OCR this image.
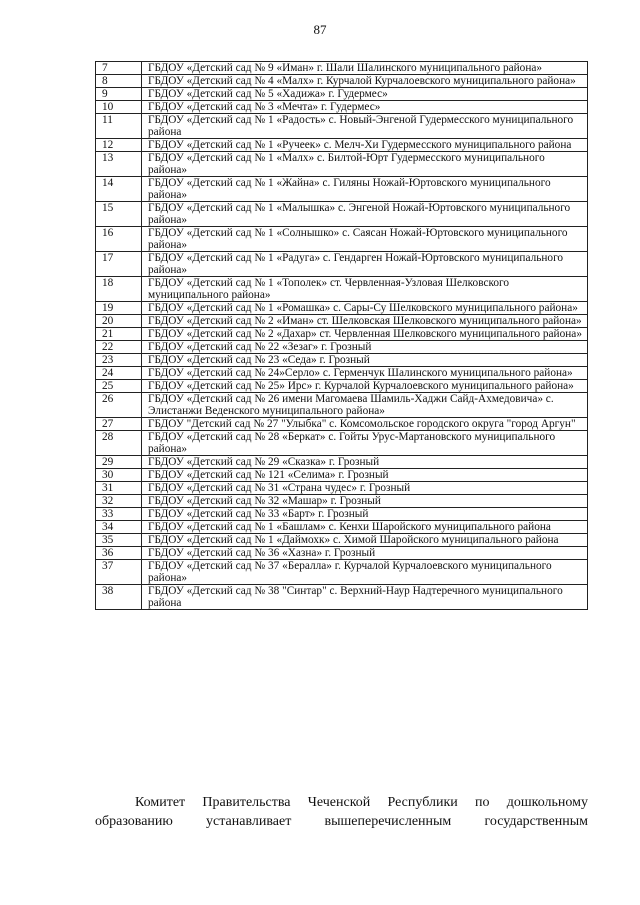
87
7	ГБДОУ «Детский сад № 9 «Иман» г. Шали Шалинского муниципального района»
8	ГБДОУ «Детский сад № 4 «Малх» г. Курчалой Курчалоевского муниципального района»
9	ГБДОУ «Детский сад № 5 «Хадижа» г. Гудермес»
10	ГБДОУ «Детский сад № 3 «Мечта» г. Гудермес»
11	ГБДОУ «Детский сад № 1 «Радость» с. Новый-Энгеной Гудермесского муниципального района
12	ГБДОУ «Детский сад № 1 «Ручеек» с. Мелч-Хи Гудермесского муниципального района
13	ГБДОУ «Детский сад № 1 «Малх» с. Билтой-Юрт Гудермесского муниципального района»
14	ГБДОУ «Детский сад № 1 «Жайна» с. Гиляны Ножай-Юртовского муниципального района»
15	ГБДОУ «Детский сад № 1 «Малышка» с. Энгеной Ножай-Юртовского муниципального района»
16	ГБДОУ «Детский сад № 1 «Солнышко» с. Саясан Ножай-Юртовского муниципального района»
17	ГБДОУ «Детский сад № 1 «Радуга» с. Гендарген Ножай-Юртовского муниципального района»
18	ГБДОУ «Детский сад № 1 «Тополек» ст. Червленная-Узловая Шелковского муниципального района»
19	ГБДОУ «Детский сад № 1 «Ромашка» с. Сары-Су Шелковского муниципального района»
20	ГБДОУ «Детский сад № 2 «Иман» ст. Шелковская Шелковского муниципального района»
21	ГБДОУ «Детский сад № 2 «Дахар» ст. Червленная Шелковского муниципального района»
22	ГБДОУ «Детский сад № 22 «Зезаг» г. Грозный
23	ГБДОУ «Детский сад № 23 «Седа» г. Грозный
24	ГБДОУ «Детский сад № 24»Серло» с. Герменчук Шалинского муниципального района»
25	ГБДОУ «Детский сад № 25» Ирс» г. Курчалой Курчалоевского муниципального района»
26	ГБДОУ «Детский сад № 26 имени Магомаева Шамиль-Хаджи Сайд-Ахмедовича» с. Элистанжи Веденского муниципального района»
27	ГБДОУ "Детский сад № 27 "Улыбка" с. Комсомольское городского округа "город Аргун"
28	ГБДОУ «Детский сад № 28 «Беркат» с. Гойты Урус-Мартановского муниципального района»
29	ГБДОУ «Детский сад № 29 «Сказка» г. Грозный
30	ГБДОУ «Детский сад № 121 «Селима» г. Грозный
31	ГБДОУ «Детский сад № 31 «Страна чудес» г. Грозный
32	ГБДОУ «Детский сад № 32 «Машар» г. Грозный
33	ГБДОУ «Детский сад № 33 «Барт» г. Грозный
34	ГБДОУ «Детский сад № 1 «Башлам» с. Кенхи Шаройского муниципального района
35	ГБДОУ «Детский сад № 1 «Даймохк» с. Химой Шаройского муниципального района
36	ГБДОУ «Детский сад № 36 «Хазна» г. Грозный
37	ГБДОУ «Детский сад № 37 «Бералла» г. Курчалой Курчалоевского муниципального района»
38	ГБДОУ «Детский сад № 38 "Синтар" с. Верхний-Наур Надтеречного муниципального района

Комитет Правительства Чеченской Республики по дошкольному образованию устанавливает вышеперечисленным государственным
